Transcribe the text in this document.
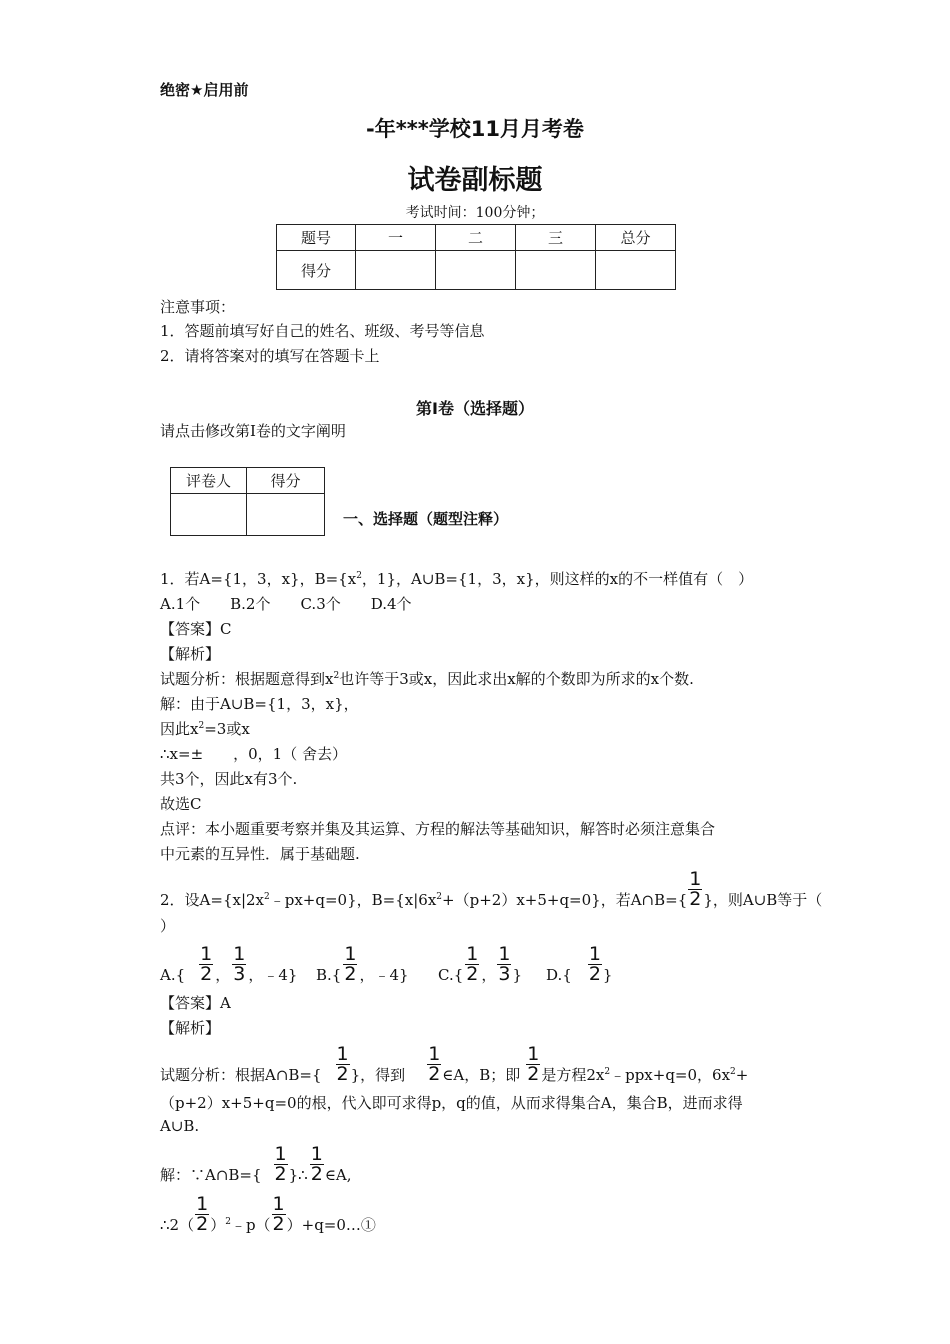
绝密★启用前
-年***学校11月月考卷
试卷副标题
考试时间：100分钟；
题号	一	二	三	总分
得分				
注意事项：
1．答题前填写好自己的姓名、班级、考号等信息
2．请将答案对的填写在答题卡上
第Ⅰ卷（选择题）
请点击修改第Ⅰ卷的文字阐明
评卷人	得分

一、选择题（题型注释）
1．若A={1，3，x}，$B=\{x^2$，1}，A∪B={1，3，x}，则这样的x的不一样值有（　）
A.1个　　B.2个　　C.3个　　D.4个
【答案】C
【解析】
试题分析：根据题意得到$x^2$也许等于3或x，因此求出x解的个数即为所求的x个数.
解：由于A∪B={1，3，x}，
因此$x^2=3$或x
∴x=±　　，0，1（ 舍去）
共3个，因此x有3个.
故选C
点评：本小题重要考察并集及其运算、方程的解法等基础知识，解答时必须注意集合
中元素的互异性．属于基础题.
2．设$A=\{x|2x^2﹣px+q=0\}$，$B=\{x|6x^2+(p+2)x+5+q=0\}$，若A∩B={ $\frac{1}{2}$ }，则A∪B等于（
）
$A.\{ \frac{1}{2}$ ， $\frac{1}{3}$ ， ﹣4} $B.\{ \frac{1}{2}$ ， ﹣4} $C.\{ \frac{1}{2}$ ， $\frac{1}{3}$ } $D.\{ \frac{1}{2}$ }
【答案】A
【解析】
试题分析：根据A∩B={ $\frac{1}{2}$ }，得到 $\frac{1}{2}$ ∈A，B；即 $\frac{1}{2}$ 是方程$2x^2﹣ppx+q=0$，$6x^2+$
（p+2）x+5+q=0的根，代入即可求得p，q的值，从而求得集合A，集合B，进而求得
A∪B.
解：∵A∩B={ $\frac{1}{2}$ }∴ $\frac{1}{2}$ ∈A,
∴2（ $\frac{1}{2}$ ）$^2$﹣p（ $\frac{1}{2}$ ）+q=0…①
